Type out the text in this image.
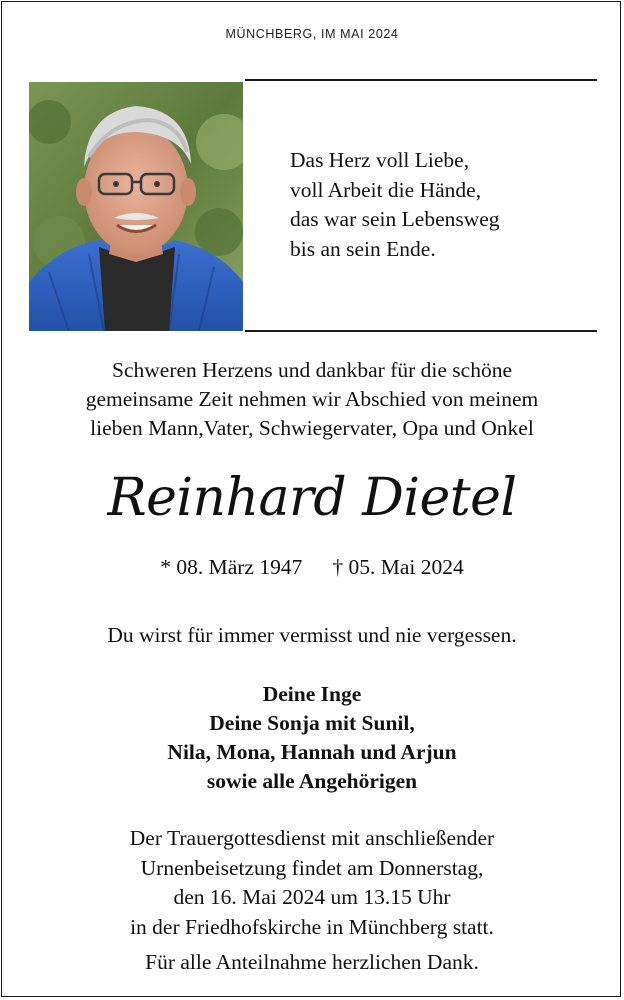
MÜNCHBERG, IM MAI 2024
Das Herz voll Liebe,
voll Arbeit die Hände,
das war sein Lebensweg
bis an sein Ende.
Schweren Herzens und dankbar für die schöne
gemeinsame Zeit nehmen wir Abschied von meinem
lieben Mann,Vater, Schwiegervater, Opa und Onkel
Reinhard Dietel
* 08. März 1947 † 05. Mai 2024
Du wirst für immer vermisst und nie vergessen.
Deine Inge
Deine Sonja mit Sunil,
Nila, Mona, Hannah und Arjun
sowie alle Angehörigen
Der Trauergottesdienst mit anschließender
Urnenbeisetzung findet am Donnerstag,
den 16. Mai 2024 um 13.15 Uhr
in der Friedhofskirche in Münchberg statt.
Für alle Anteilnahme herzlichen Dank.
